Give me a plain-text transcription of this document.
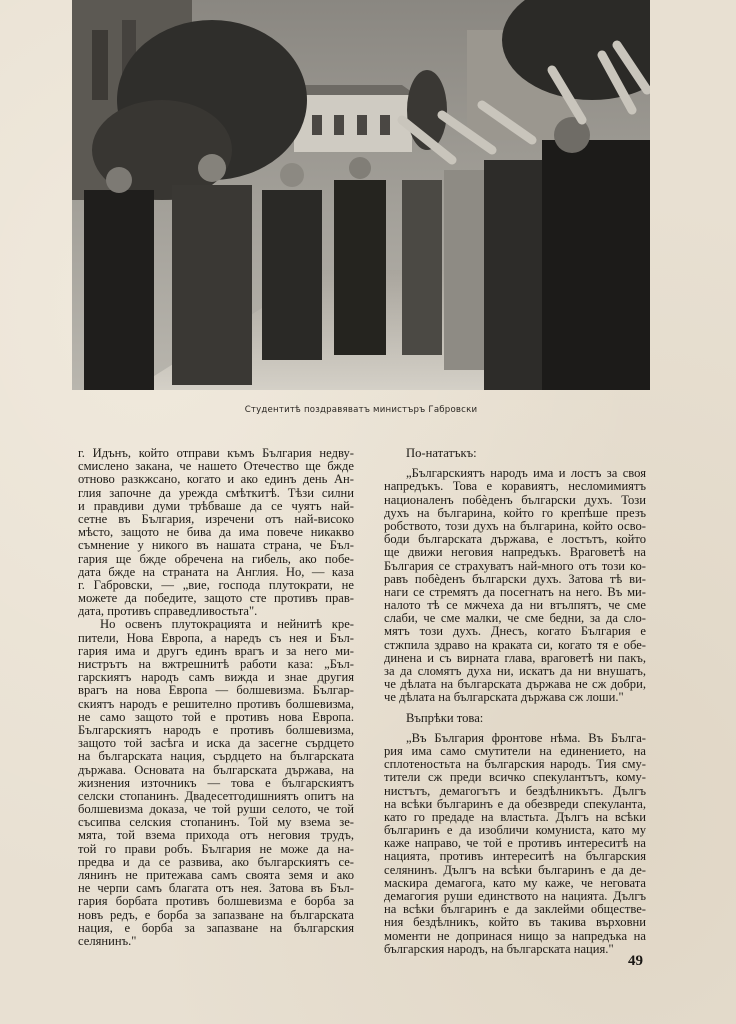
Студентитѣ поздравяватъ министъръ Габровски
г. Идънъ, който отправи къмъ България недву-
смислено закана, че нашето Отечество ще бжде
отново разкжсано, когато и ако единъ день Ан-
глия започне да урежда смѣткитѣ. Тѣзи силни
и правдиви думи трѣбваше да се чуятъ най-
сетне въ България, изречени отъ най-високо
мѣсто, защото не бива да има повече никакво
съмнение у никого въ нашата страна, че Бъл-
гария ще бжде обречена на гибель, ако побе-
дата бжде на страната на Англия. Но, — каза
г. Габровски, — „вие, господа плутократи, не
можете да победите, защото сте противъ прав-
дата, противъ справедливостьта".
Но освенъ плутокрацията и нейнитѣ кре-
пители, Нова Европа, а наредъ съ нея и Бъл-
гария има и другъ единъ врагъ и за него ми-
нистрътъ на вжтрешнитѣ работи каза: „Бъл-
гарскиятъ народъ самъ вижда и знае другия
врагъ на нова Европа — болшевизма. Българ-
скиятъ народъ е решително противъ болшевизма,
не само защото той е противъ нова Европа.
Българскиятъ народъ е противъ болшевизма,
защото той засѣга и иска да засегне сърдцето
на българската нация, сърдцето на българската
държава. Основата на българската държава, на
жизнения източникъ — това е българскиятъ
селски стопанинъ. Двадесетгодишниятъ опитъ на
болшевизма доказа, че той руши селото, че той
съсипва селския стопанинъ. Той му взема зе-
мята, той взема прихода отъ неговия трудъ,
той го прави робъ. България не може да на-
предва и да се развива, ако българскиятъ се-
лянинъ не притежава самъ своята земя и ако
не черпи самъ благата отъ нея. Затова въ Бъл-
гария борбата противъ болшевизма е борба за
новъ редъ, е борба за запазване на българската
нация, е борба за запазване на българския
селянинъ."
По-нататъкъ:
„Българскиятъ народъ има и лостъ за своя
напредъкъ. Това е коравиятъ, несломимиятъ
националенъ побѐденъ български духъ. Този
духъ на българина, който го крепѣше презъ
робството, този духъ на българина, който осво-
боди българската държава, е лостътъ, който
ще движи неговия напредъкъ. Враговетѣ на
България се страхуватъ най-много отъ този ко-
равъ побѐденъ български духъ. Затова тѣ ви-
наги се стремятъ да посегнатъ на него. Въ ми-
налото тѣ се мжчеха да ни втълпятъ, че сме
слаби, че сме малки, че сме бедни, за да сло-
мятъ този духъ. Днесъ, когато България е
стжпила здраво на краката си, когато тя е обе-
динена и съ вирната глава, враговетѣ ни пакъ,
за да сломятъ духа ни, искатъ да ни внушатъ,
че дѣлата на българската държава не сж добри,
че дѣлата на българската държава сж лоши."
Въпрѣки това:
„Въ България фронтове нѣма. Въ Бълга-
рия има само смутители на единението, на
сплотеностьта на българския народъ. Тия сму-
тители сж преди всичко спекулантътъ, кому-
нистътъ, демагогътъ и бездѣлникътъ. Дългъ
на всѣки българинъ е да обезвреди спекуланта,
като го предаде на властьта. Дългъ на всѣки
българинъ е да изобличи комуниста, като му
каже направо, че той е противъ интереситѣ на
нацията, противъ интереситѣ на българския
селянинъ. Дългъ на всѣки българинъ е да де-
маскира демагога, като му каже, че неговата
демагогия руши единството на нацията. Дългъ
на всѣки българинъ е да заклейми обществе-
ния бездѣлникъ, който въ такива върховни
моменти не допринася нищо за напредъка на
българския народъ, на българската нация."
49
